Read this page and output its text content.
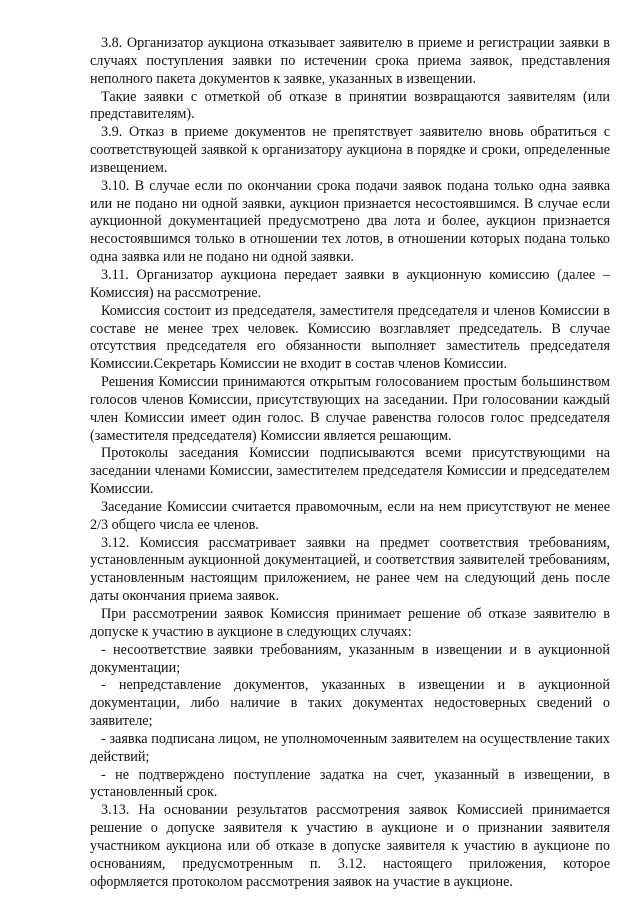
3.8. Организатор аукциона отказывает заявителю в приеме и регистрации заявки в случаях поступления заявки по истечении срока приема заявок, представления неполного пакета документов к заявке, указанных в извещении.

Такие заявки с отметкой об отказе в принятии возвращаются заявителям (или представителям).

3.9. Отказ в приеме документов не препятствует заявителю вновь обратиться с соответствующей заявкой к организатору аукциона в порядке и сроки, определенные извещением.

3.10. В случае если по окончании срока подачи заявок подана только одна заявка или не подано ни одной заявки, аукцион признается несостоявшимся. В случае если аукционной документацией предусмотрено два лота и более, аукцион признается несостоявшимся только в отношении тех лотов, в отношении которых подана только одна заявка или не подано ни одной заявки.

3.11. Организатор аукциона передает заявки в аукционную комиссию (далее – Комиссия) на рассмотрение.

Комиссия состоит из председателя, заместителя председателя и членов Комиссии в составе не менее трех человек. Комиссию возглавляет председатель. В случае отсутствия председателя его обязанности выполняет заместитель председателя Комиссии.Секретарь Комиссии не входит в состав членов Комиссии.

Решения Комиссии принимаются открытым голосованием простым большинством голосов членов Комиссии, присутствующих на заседании. При голосовании каждый член Комиссии имеет один голос. В случае равенства голосов голос председателя (заместителя председателя) Комиссии является решающим.

Протоколы заседания Комиссии подписываются всеми присутствующими на заседании членами Комиссии, заместителем председателя Комиссии и председателем Комиссии.

Заседание Комиссии считается правомочным, если на нем присутствуют не менее 2/3 общего числа ее членов.

3.12. Комиссия рассматривает заявки на предмет соответствия требованиям, установленным аукционной документацией, и соответствия заявителей требованиям, установленным настоящим приложением, не ранее чем на следующий день после даты окончания приема заявок.

При рассмотрении заявок Комиссия принимает решение об отказе заявителю в допуске к участию в аукционе в следующих случаях:

- несоответствие заявки требованиям, указанным в извещении и в аукционной документации;

- непредставление документов, указанных в извещении и в аукционной документации, либо наличие в таких документах недостоверных сведений о заявителе;

- заявка подписана лицом, не уполномоченным заявителем на осуществление таких действий;

- не подтверждено поступление задатка на счет, указанный в извещении, в установленный срок.

3.13. На основании результатов рассмотрения заявок Комиссией принимается решение о допуске заявителя к участию в аукционе и о признании заявителя участником аукциона или об отказе в допуске заявителя к участию в аукционе по основаниям, предусмотренным п. 3.12. настоящего приложения, которое оформляется протоколом рассмотрения заявок на участие в аукционе.
